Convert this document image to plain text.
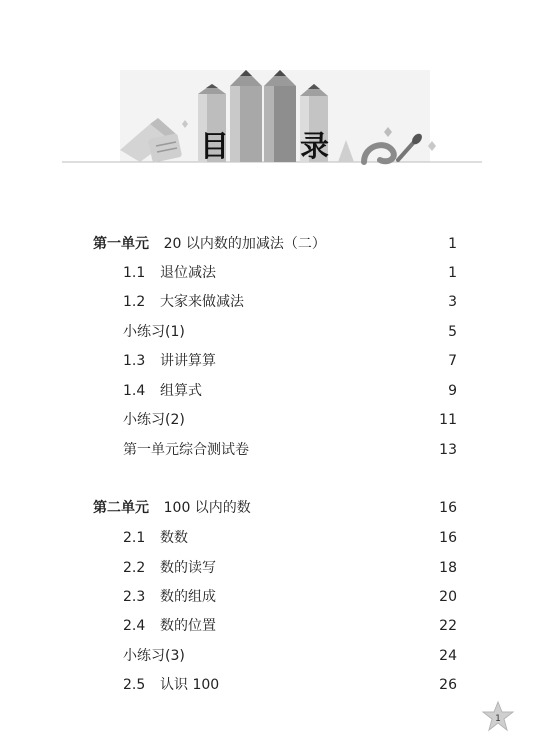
目 录
第一单元 20 以内数的加减法（二）	1
1.1 退位减法	1
1.2 大家来做减法	3
小练习(1)	5
1.3 讲讲算算	7
1.4 组算式	9
小练习(2)	11
第一单元综合测试卷	13
第二单元 100 以内的数	16
2.1 数数	16
2.2 数的读写	18
2.3 数的组成	20
2.4 数的位置	22
小练习(3)	24
2.5 认识 100	26
1
